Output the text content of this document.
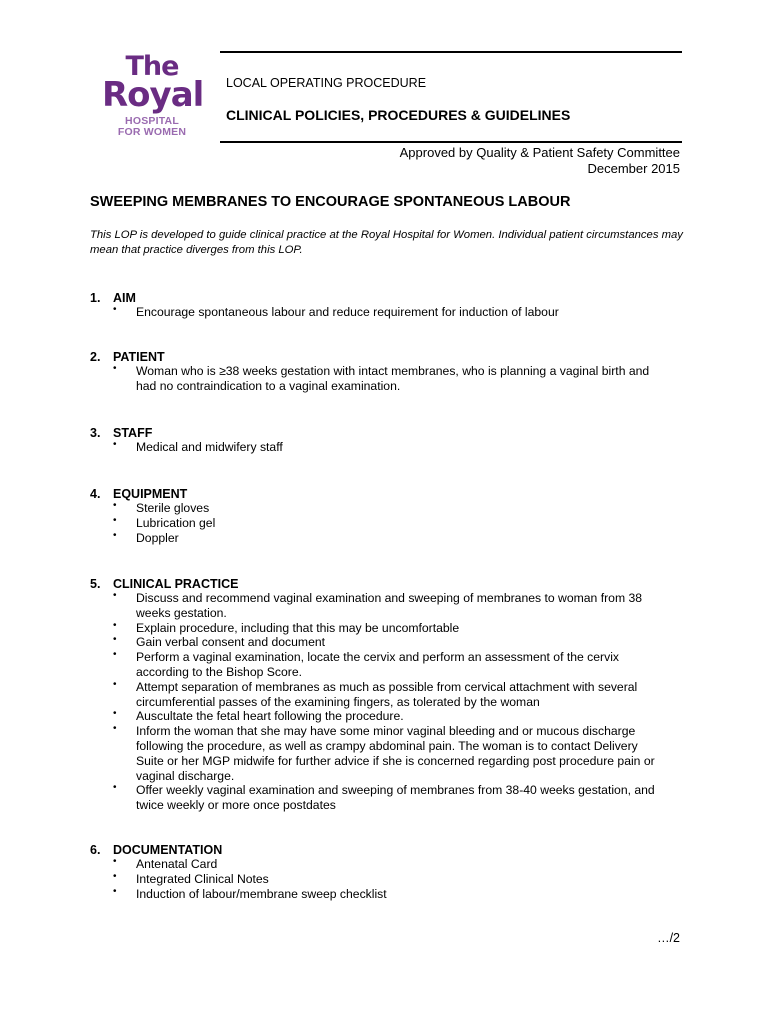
The
Royal
HOSPITAL
FOR WOMEN
LOCAL OPERATING PROCEDURE
CLINICAL POLICIES, PROCEDURES & GUIDELINES
Approved by Quality & Patient Safety Committee
December 2015
SWEEPING MEMBRANES TO ENCOURAGE SPONTANEOUS LABOUR
This LOP is developed to guide clinical practice at the Royal Hospital for Women. Individual patient circumstances may mean that practice diverges from this LOP.
1.	AIM
• Encourage spontaneous labour and reduce requirement for induction of labour
2.	PATIENT
• Woman who is ≥38 weeks gestation with intact membranes, who is planning a vaginal birth and had no contraindication to a vaginal examination.
3.	STAFF
• Medical and midwifery staff
4.	EQUIPMENT
• Sterile gloves
• Lubrication gel
• Doppler
5.	CLINICAL PRACTICE
• Discuss and recommend vaginal examination and sweeping of membranes to woman from 38 weeks gestation.
• Explain procedure, including that this may be uncomfortable
• Gain verbal consent and document
• Perform a vaginal examination, locate the cervix and perform an assessment of the cervix according to the Bishop Score.
• Attempt separation of membranes as much as possible from cervical attachment with several circumferential passes of the examining fingers, as tolerated by the woman
• Auscultate the fetal heart following the procedure.
• Inform the woman that she may have some minor vaginal bleeding and or mucous discharge following the procedure, as well as crampy abdominal pain. The woman is to contact Delivery Suite or her MGP midwife for further advice if she is concerned regarding post procedure pain or vaginal discharge.
• Offer weekly vaginal examination and sweeping of membranes from 38-40 weeks gestation, and twice weekly or more once postdates
6.	DOCUMENTATION
• Antenatal Card
• Integrated Clinical Notes
• Induction of labour/membrane sweep checklist
…/2
